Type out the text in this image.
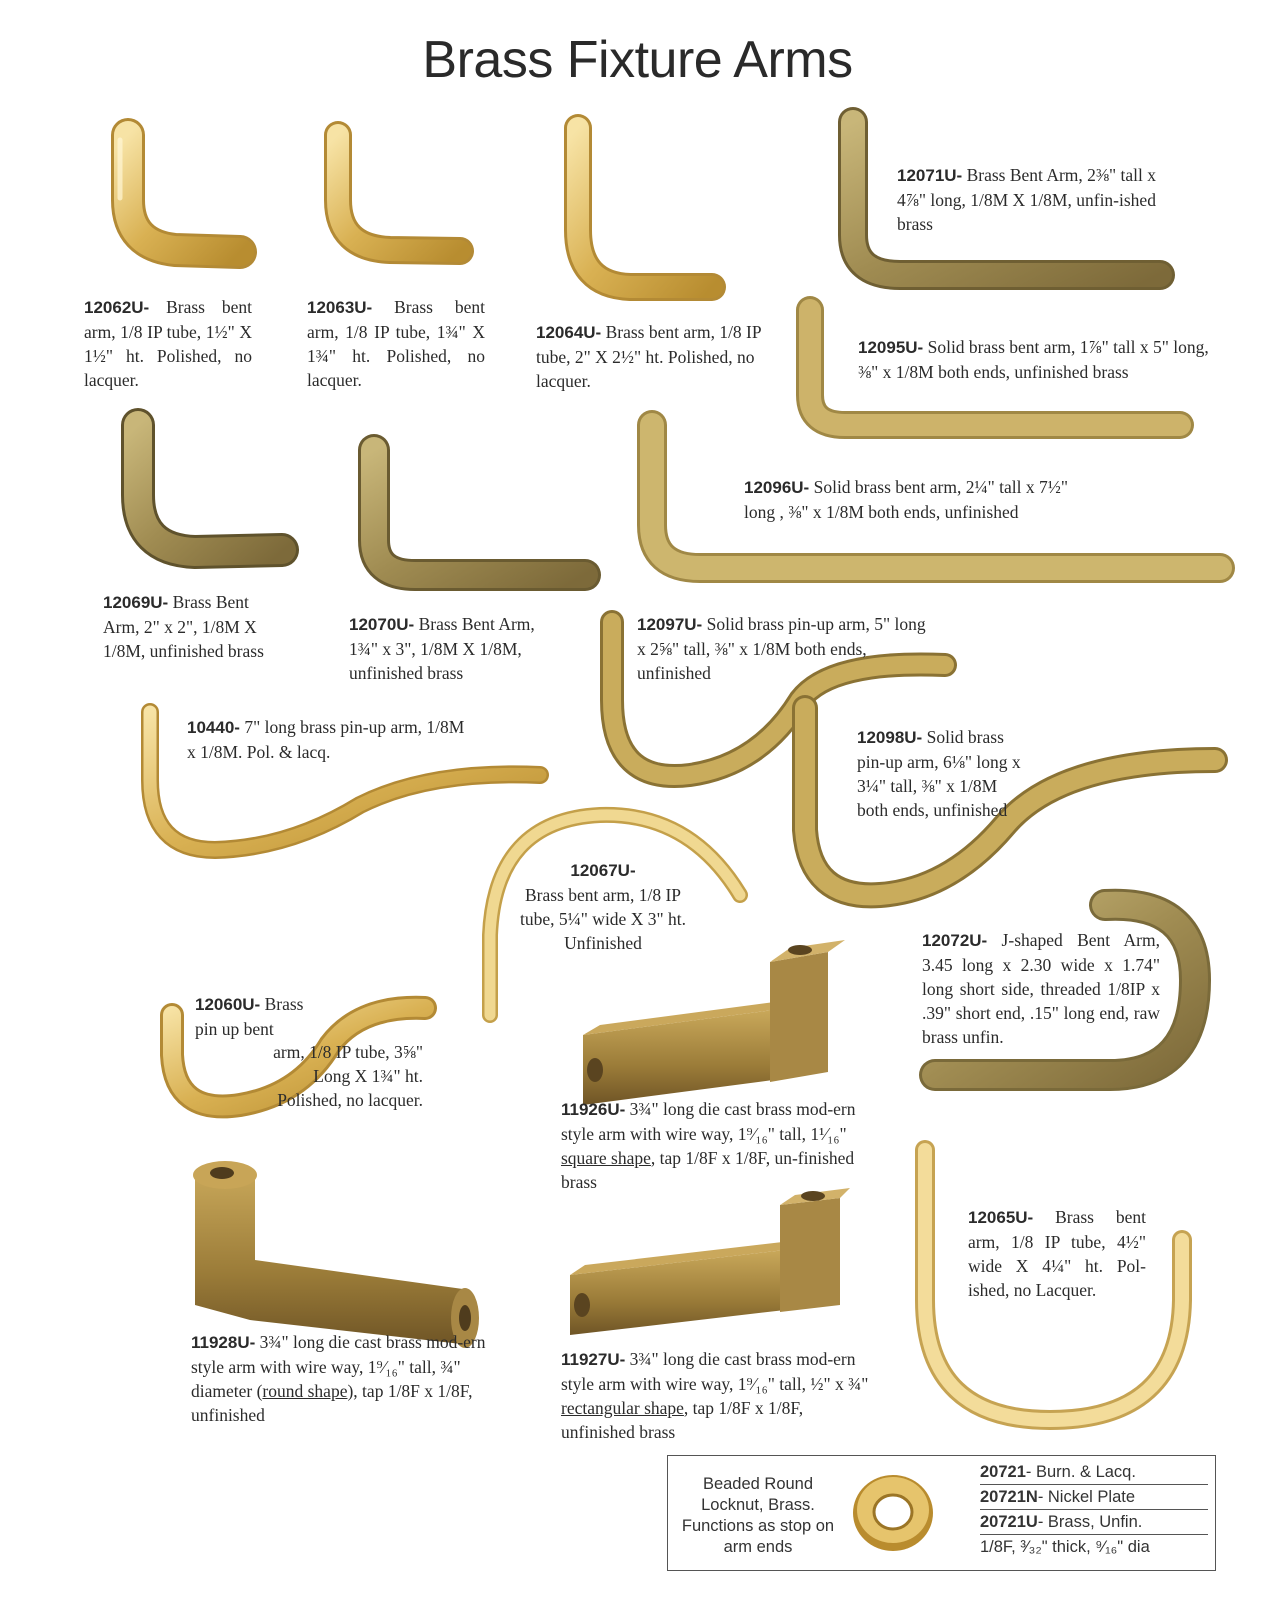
Brass Fixture Arms
12062U- Brass bent arm, 1/8 IP tube, 1½" X 1½" ht. Polished, no lacquer.
12063U- Brass bent arm, 1/8 IP tube, 1¾" X 1¾" ht. Polished, no lacquer.
12064U- Brass bent arm, 1/8 IP tube, 2" X 2½" ht. Polished, no lacquer.
12071U- Brass Bent Arm, 2⅜" tall x 4⅞" long, 1/8M X 1/8M, unfin-ished brass
12095U- Solid brass bent arm, 1⅞" tall x 5" long, ⅜" x 1/8M both ends, unfinished brass
12069U- Brass Bent Arm, 2" x 2", 1/8M X 1/8M, unfinished brass
12070U- Brass Bent Arm, 1¾" x 3", 1/8M X 1/8M, unfinished brass
12096U- Solid brass bent arm, 2¼" tall x 7½" long , ⅜" x 1/8M both ends, unfinished
12097U- Solid brass pin-up arm, 5" long x 2⅝" tall, ⅜" x 1/8M both ends, unfinished
10440- 7" long brass pin-up arm, 1/8M x 1/8M. Pol. & lacq.
12098U- Solid brass pin-up arm, 6⅛" long x 3¼" tall, ⅜" x 1/8M both ends, unfinished
12067U-
Brass bent arm, 1/8 IP tube, 5¼" wide X 3" ht. Unfinished	12072U- J-shaped Bent Arm, 3.45 long x 2.30 wide x 1.74" long short side, threaded 1/8IP x .39" short end, .15" long end, raw brass unfin.
12060U- Brass pin up bent
arm, 1/8 IP tube, 3⅝" Long X 1¾" ht. Polished, no lacquer.	11926U- 3¾" long die cast brass mod-ern style arm with wire way, 1⁹⁄₁₆" tall, 1¹⁄₁₆" square shape, tap 1/8F x 1/8F, un-finished brass
11928U- 3¾" long die cast brass mod-ern style arm with wire way, 1⁹⁄₁₆" tall, ¾" diameter (round shape), tap 1/8F x 1/8F, unfinished
11927U- 3¾" long die cast brass mod-ern style arm with wire way, 1⁹⁄₁₆" tall, ½" x ¾" rectangular shape, tap 1/8F x 1/8F, unfinished brass
12065U- Brass bent arm, 1/8 IP tube, 4½" wide X 4¼" ht. Pol-ished, no Lacquer.
Beaded Round Locknut, Brass. Functions as stop on arm ends
20721- Burn. & Lacq.
20721N- Nickel Plate
20721U- Brass, Unfin.
1/8F, ³⁄₃₂" thick, ⁹⁄₁₆" dia
